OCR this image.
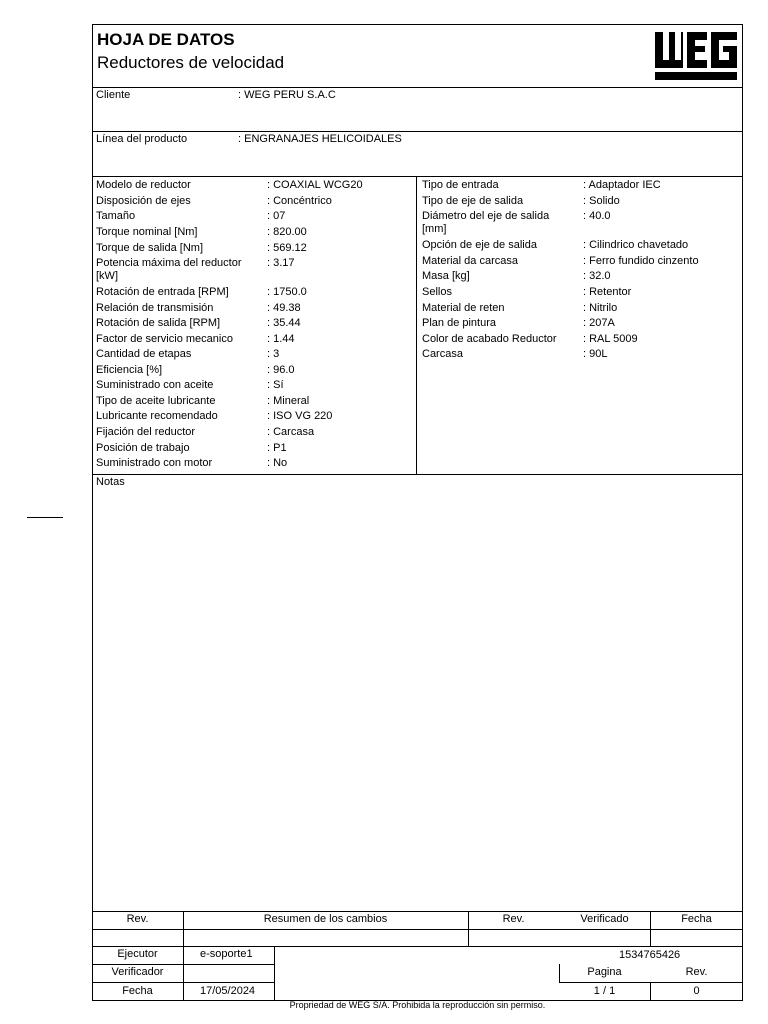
HOJA DE DATOS
Reductores de velocidad
Cliente	: WEG PERU S.A.C
Línea del producto	: ENGRANAJES HELICOIDALES
Modelo de reductor	: COAXIAL WCG20
Disposición de ejes	: Concéntrico
Tamaño	: 07
Torque nominal [Nm]	: 820.00
Torque de salida [Nm]	: 569.12
Potencia máxima del reductor [kW]
: 3.17
Rotación de entrada [RPM]	: 1750.0
Relación de transmisión	: 49.38
Rotación de salida [RPM]	: 35.44
Factor de servicio mecanico	: 1.44
Cantidad de etapas	: 3
Eficiencia [%]	: 96.0
Suministrado con aceite	: Sí
Tipo de aceite lubricante	: Mineral
Lubricante recomendado	: ISO VG 220
Fijación del reductor	: Carcasa
Posición de trabajo	: P1
Suministrado con motor	: No
Tipo de entrada	: Adaptador IEC
Tipo de eje de salida	: Solido
Diámetro del eje de salida [mm]
: 40.0
Opción de eje de salida	: Cilindrico chavetado
Material da carcasa	: Ferro fundido cinzento
Masa [kg]	: 32.0
Sellos	: Retentor
Material de reten	: Nitrilo
Plan de pintura	: 207A
Color de acabado Reductor : RAL 5009
Carcasa	: 90L
Notas
Rev.	Resumen de los cambios	Rev.	Verificado	Fecha
Ejecutor	e-soporte1
Verificador
Fecha	17/05/2024
1534765426
Pagina	Rev.
1 / 1	0
Propriedad de WEG S/A. Prohibida la reproducción sin permiso.
